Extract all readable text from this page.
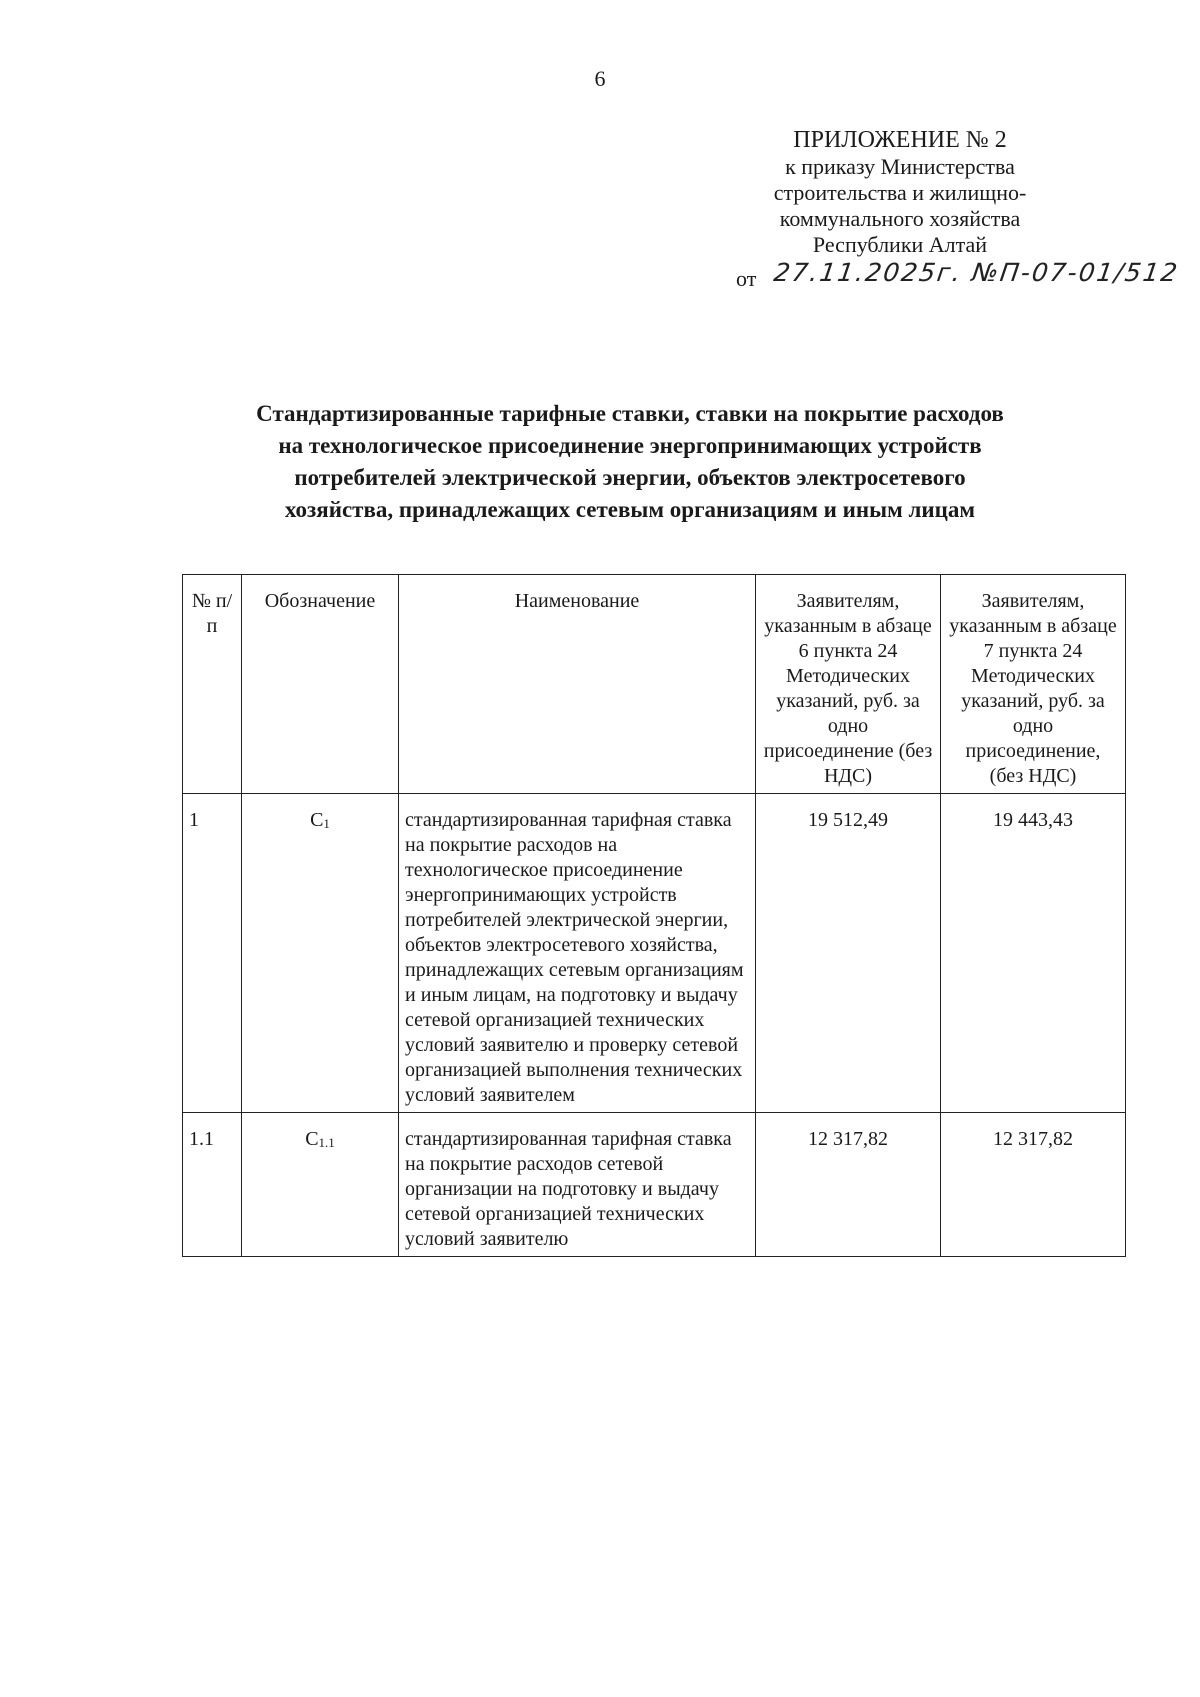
6
ПРИЛОЖЕНИЕ № 2
к приказу Министерства
строительства и жилищно-
коммунального хозяйства
Республики Алтай
от 27.11.2025г. №П-07-01/512
Стандартизированные тарифные ставки, ставки на покрытие расходов
на технологическое присоединение энергопринимающих устройств
потребителей электрической энергии, объектов электросетевого
хозяйства, принадлежащих сетевым организациям и иным лицам
№ п/п	Обозначение	Наименование	Заявителям, указанным в абзаце 6 пункта 24 Методических указаний, руб. за одно присоединение (без НДС)	Заявителям, указанным в абзаце 7 пункта 24 Методических указаний, руб. за одно присоединение, (без НДС)
1	$C_1$	стандартизированная тарифная ставка на покрытие расходов на технологическое присоединение энергопринимающих устройств потребителей электрической энергии, объектов электросетевого хозяйства, принадлежащих сетевым организациям и иным лицам, на подготовку и выдачу сетевой организацией технических условий заявителю и проверку сетевой организацией выполнения технических условий заявителем	19 512,49	19 443,43
1.1	$C_{1.1}$	стандартизированная тарифная ставка на покрытие расходов сетевой организации на подготовку и выдачу сетевой организацией технических условий заявителю	12 317,82	12 317,82
